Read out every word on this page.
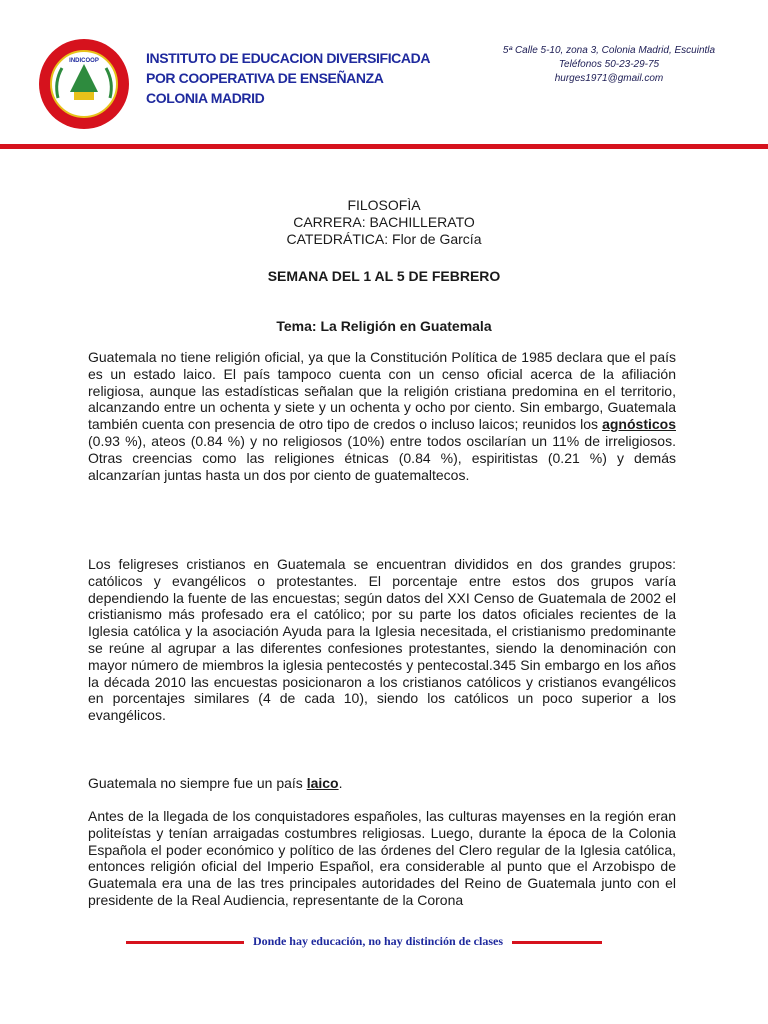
INDICOOP	INSTITUTO DE EDUCACION DIVERSIFICADA
POR COOPERATIVA DE ENSEÑANZA
COLONIA MADRID
5ª Calle 5-10, zona 3, Colonia Madrid, Escuintla
Teléfonos 50-23-29-75
hurges1971@gmail.com
FILOSOFÌA
CARRERA: BACHILLERATO
CATEDRÁTICA: Flor de García
SEMANA DEL 1 AL 5 DE FEBRERO
Tema: La Religión en Guatemala

Guatemala no tiene religión oficial, ya que la Constitución Política de 1985 declara que el país es un estado laico. El país tampoco cuenta con un censo oficial acerca de la afiliación religiosa, aunque las estadísticas señalan que la religión cristiana predomina en el territorio, alcanzando entre un ochenta y siete y un ochenta y ocho por ciento. Sin embargo, Guatemala también cuenta con presencia de otro tipo de credos o incluso laicos; reunidos los agnósticos (0.93 %), ateos (0.84 %) y no religiosos (10%) entre todos oscilarían un 11% de irreligiosos. Otras creencias como las religiones étnicas (0.84 %), espiritistas (0.21 %) y demás alcanzarían juntas hasta un dos por ciento de guatemaltecos.

Los feligreses cristianos en Guatemala se encuentran divididos en dos grandes grupos: católicos y evangélicos o protestantes. El porcentaje entre estos dos grupos varía dependiendo la fuente de las encuestas; según datos del XXI Censo de Guatemala de 2002 el cristianismo más profesado era el católico; por su parte los datos oficiales recientes de la Iglesia católica y la asociación Ayuda para la Iglesia necesitada, el cristianismo predominante se reúne al agrupar a las diferentes confesiones protestantes, siendo la denominación con mayor número de miembros la iglesia pentecostés y pentecostal.345 Sin embargo en los años la década 2010 las encuestas posicionaron a los cristianos católicos y cristianos evangélicos en porcentajes similares (4 de cada 10), siendo los católicos un poco superior a los evangélicos.

Guatemala no siempre fue un país laico.

Antes de la llegada de los conquistadores españoles, las culturas mayenses en la región eran politeístas y tenían arraigadas costumbres religiosas. Luego, durante la época de la Colonia Española el poder económico y político de las órdenes del Clero regular de la Iglesia católica, entonces religión oficial del Imperio Español, era considerable al punto que el Arzobispo de Guatemala era una de las tres principales autoridades del Reino de Guatemala junto con el presidente de la Real Audiencia, representante de la Corona

Donde hay educación, no hay distinción de clases
